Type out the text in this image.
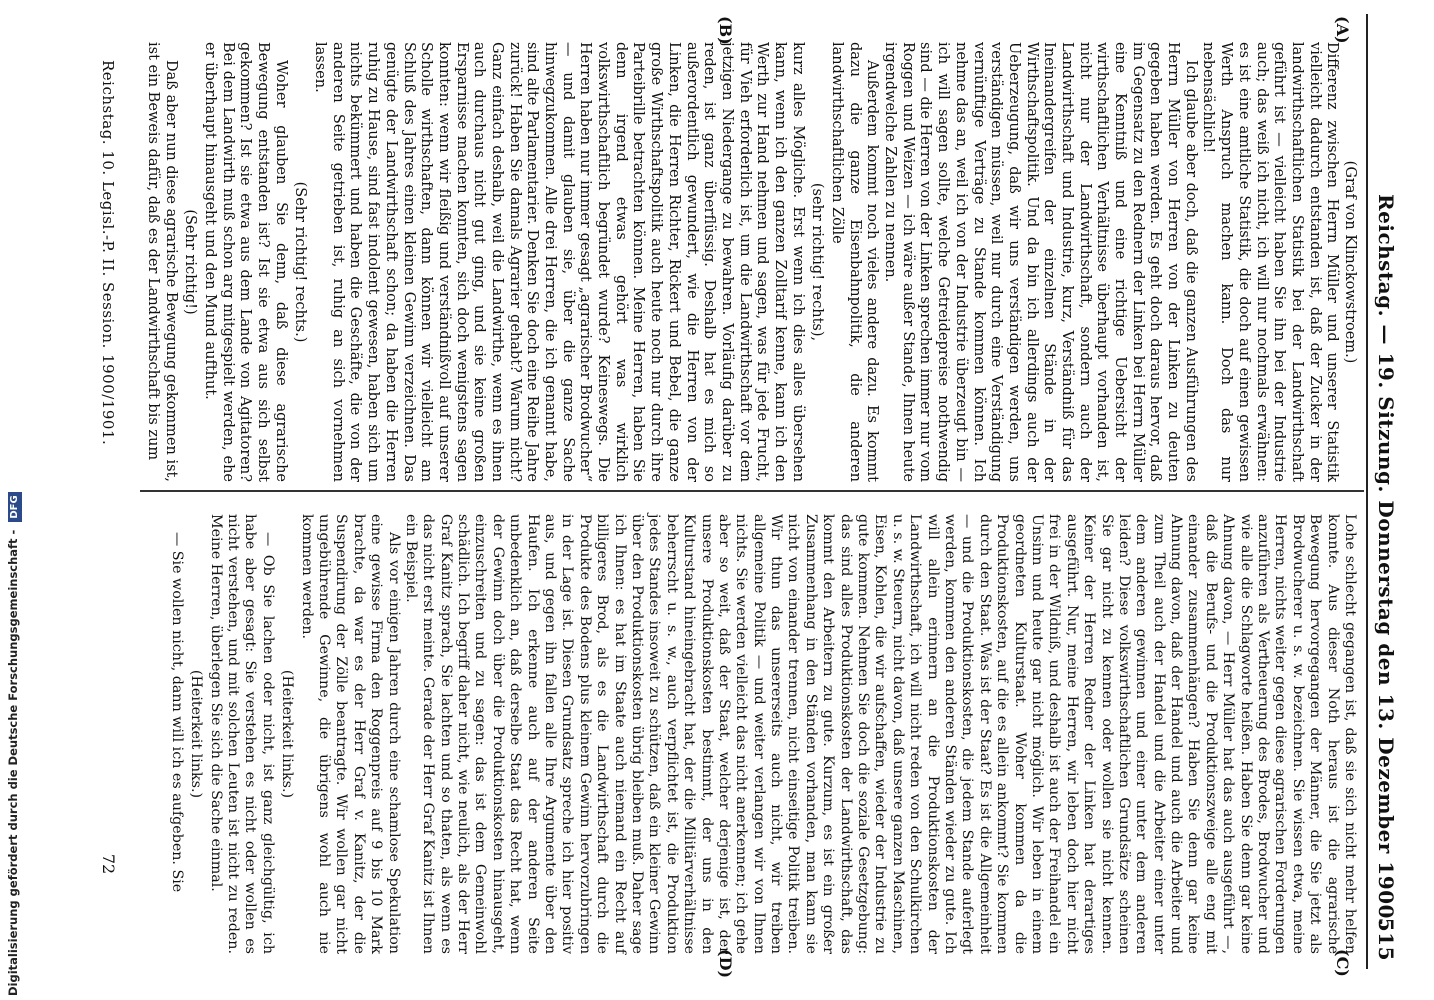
Digitalisierung gefördert durch die Deutsche Forschungsgemeinschaft - DFG	Reichstag. — 19. Sitzung. Donnerstag den 13. Dezember 1900.
515
(A)
(B)
(C)
(D)

(Graf von Klinckowstroem.)

Differenz zwischen Herrn Müller und unserer Statistik vielleicht dadurch entstanden ist, daß der Zucker in der landwirthschaftlichen Statistik bei der Landwirthschaft geführt ist — vielleicht haben Sie ihn bei der Industrie auch; das weiß ich nicht, ich will nur nochmals erwähnen: es ist eine amtliche Statistik, die doch auf einen gewissen Werth Anspruch machen kann. Doch das nur nebensächlich!

Ich glaube aber doch, daß die ganzen Ausführungen des Herrn Müller von Herren von der Linken zu deuten gegeben haben werden. Es geht doch daraus hervor, daß im Gegensatz zu den Rednern der Linken bei Herrn Müller eine Kenntniß und eine richtige Uebersicht der wirthschaftlichen Verhältnisse überhaupt vorhanden ist, nicht nur der Landwirthschaft, sondern auch der Landwirthschaft und Industrie, kurz, Verständniß für das Ineinandergreifen der einzelnen Stände in der Wirthschaftspolitik. Und da bin ich allerdings auch der Ueberzeugung, daß wir uns verständigen werden, uns verständigen müssen, weil nur durch eine Verständigung vernünftige Verträge zu Stande kommen können. Ich nehme das an, weil ich von der Industrie überzeugt bin — ich will sagen sollte, welche Getreidepreise nothwendig sind — die Herren von der Linken sprechen immer nur vom Roggen und Weizen — ich wäre außer Stande, Ihnen heute irgendwelche Zahlen zu nennen.

Außerdem kommt noch vieles andere dazu. Es kommt dazu die ganze Eisenbahnpolitik, die anderen landwirthschaftlichen Zölle

(sehr richtig! rechts),

kurz alles Mögliche. Erst wenn ich dies alles übersehen kann, wenn ich den ganzen Zolltarif kenne, kann ich den Werth zur Hand nehmen und sagen, was für jede Frucht, für Vieh erforderlich ist, um die Landwirthschaft vor dem jetzigen Niedergange zu bewahren. Vorläufig darüber zu reden, ist ganz überflüssig. Deshalb hat es mich so außerordentlich gewundert, wie die Herren von der Linken, die Herren Richter, Rickert und Bebel, die ganze große Wirthschaftspolitik auch heute noch nur durch ihre Parteibrille betrachten können. Meine Herren, haben Sie denn irgend etwas gehört was wirklich volkswirthschaftlich begründet wurde? Keineswegs. Die Herren haben nur immer gesagt „agrarischer Brodwucher“ — und damit glauben sie, über die ganze Sache hinwegzukommen. Alle drei Herren, die ich genannt habe, sind alte Parlamentarier. Denken Sie doch eine Reihe Jahre zurück! Haben Sie damals Agrarier gehabt? Warum nicht? Ganz einfach deshalb, weil die Landwirthe, wenn es ihnen auch durchaus nicht gut ging, und sie keine großen Ersparnisse machen konnten, sich doch wenigstens sagen konnten: wenn wir fleißig und verständnißvoll auf unserer Scholle wirthschaften, dann können wir vielleicht am Schluß des Jahres einen kleinen Gewinn verzeichnen. Das genügte der Landwirthschaft schon; da haben die Herren ruhig zu Hause, sind fast indolent gewesen, haben sich um nichts bekümmert und haben die Geschäfte, die von der anderen Seite getrieben ist, ruhig an sich vornehmen lassen.

(Sehr richtig! rechts.)

Woher glauben Sie denn, daß diese agrarische Bewegung entstanden ist? Ist sie etwa aus sich selbst gekommen? Ist sie etwa aus dem Lande von Agitatoren? Bei dem Landwirth muß schon arg mitgespielt werden, ehe er überhaupt hinausgeht und den Mund aufthut.

(Sehr richtig!)

Daß aber nun diese agrarische Bewegung gekommen ist, ist ein Beweis dafür, daß es der Landwirthschaft bis zum

Lohe schlecht gegangen ist, daß sie sich nicht mehr helfen konnte. Aus dieser Noth heraus ist die agrarische Bewegung hervorgegangen der Männer, die Sie jetzt als Brodwucherer u. s. w. bezeichnen. Sie wissen etwa, meine Herren, nichts weiter gegen diese agrarischen Forderungen anzuführen als Vertheuerung des Brodes, Brodwucher und wie alle die Schlagworte heißen. Haben Sie denn gar keine Ahnung davon, — Herr Müller hat das auch ausgeführt —, daß die Berufs- und die Produktionszweige alle eng mit einander zusammenhängen? Haben Sie denn gar keine Ahnung davon, daß der Handel und auch die Arbeiter und zum Theil auch der Handel und die Arbeiter einer unter dem anderen gewinnen und einer unter dem anderen leiden? Diese volkswirthschaftlichen Grundsätze scheinen Sie gar nicht zu kennen oder wollen sie nicht kennen. Keiner der Herren Redner der Linken hat derartiges ausgeführt. Nur, meine Herren, wir leben doch hier nicht frei in der Wildniß, und deshalb ist auch der Freihandel ein Unsinn und heute gar nicht möglich. Wir leben in einem geordneten Kulturstaat. Woher kommen da die Produktionskosten, auf die es allein ankommt? Sie kommen durch den Staat. Was ist der Staat? Es ist die Allgemeinheit — und die Produktionskosten, die jedem Stande auferlegt werden, kommen den anderen Ständen wieder zu gute. Ich will allein erinnern an die Produktionskosten der Landwirthschaft, ich will nicht reden von den Schulkirchen u. s. w. Steuern, nicht davon, daß unsere ganzen Maschinen, Eisen, Kohlen, die wir aufschaffen, wieder der Industrie zu gute kommen. Nehmen Sie doch die soziale Gesetzgebung: das sind alles Produktionskosten der Landwirthschaft, das kommt den Arbeitern zu gute. Kurzum, es ist ein großer Zusammenhang in den Ständen vorhanden, man kann sie nicht von einander trennen, nicht einseitige Politik treiben. Wir thun das unsererseits auch nicht, wir treiben allgemeine Politik — und weiter verlangen wir von Ihnen nichts. Sie werden vielleicht das nicht anerkennen; ich gehe aber so weit, daß der Staat, welcher derjenige ist, der unsere Produktionskosten bestimmt, der uns in den Kulturstand hineingebracht hat, der die Militärverhältnisse beherrscht u. s. w., auch verpflichtet ist, die Produktion jedes Standes insoweit zu schützen, daß ein kleiner Gewinn über den Produktionskosten übrig bleiben muß. Daher sage ich Ihnen: es hat im Staate auch niemand ein Recht auf billigeres Brod, als es die Landwirthschaft durch die Produkte des Bodens plus kleinem Gewinn hervorzubringen in der Lage ist. Diesen Grundsatz spreche ich hier positiv aus, und gegen ihn fallen alle Ihre Argumente über den Haufen. Ich erkenne auch auf der anderen Seite unbedenklich an, daß derselbe Staat das Recht hat, wenn der Gewinn doch über die Produktionskosten hinausgeht, einzuschreiten und zu sagen: das ist dem Gemeinwohl schädlich. Ich begriff daher nicht, wie neulich, als der Herr Graf Kanitz sprach, Sie lachten und so thaten, als wenn es das nicht erst meinte. Gerade der Herr Graf Kanitz ist Ihnen ein Beispiel.

Als vor einigen Jahren durch eine schamlose Spekulation eine gewisse Firma den Roggenpreis auf 9 bis 10 Mark brachte, da war es der Herr Graf v. Kanitz, der die Suspendirung der Zölle beantragte. Wir wollen gar nicht ungebührende Gewinne, die übrigens wohl auch nie kommen werden.

(Heiterkeit links.)

— Ob Sie lachen oder nicht, ist ganz gleichgültig, ich habe aber gesagt: Sie verstehen es nicht oder wollen es nicht verstehen, und mit solchen Leuten ist nicht zu reden. Meine Herren, überlegen Sie sich die Sache einmal.

(Heiterkeit links.)

— Sie wollen nicht, dann will ich es aufgeben. Sie

Reichstag. 10. Legisl.-P. II. Session. 1900/1901.
72
